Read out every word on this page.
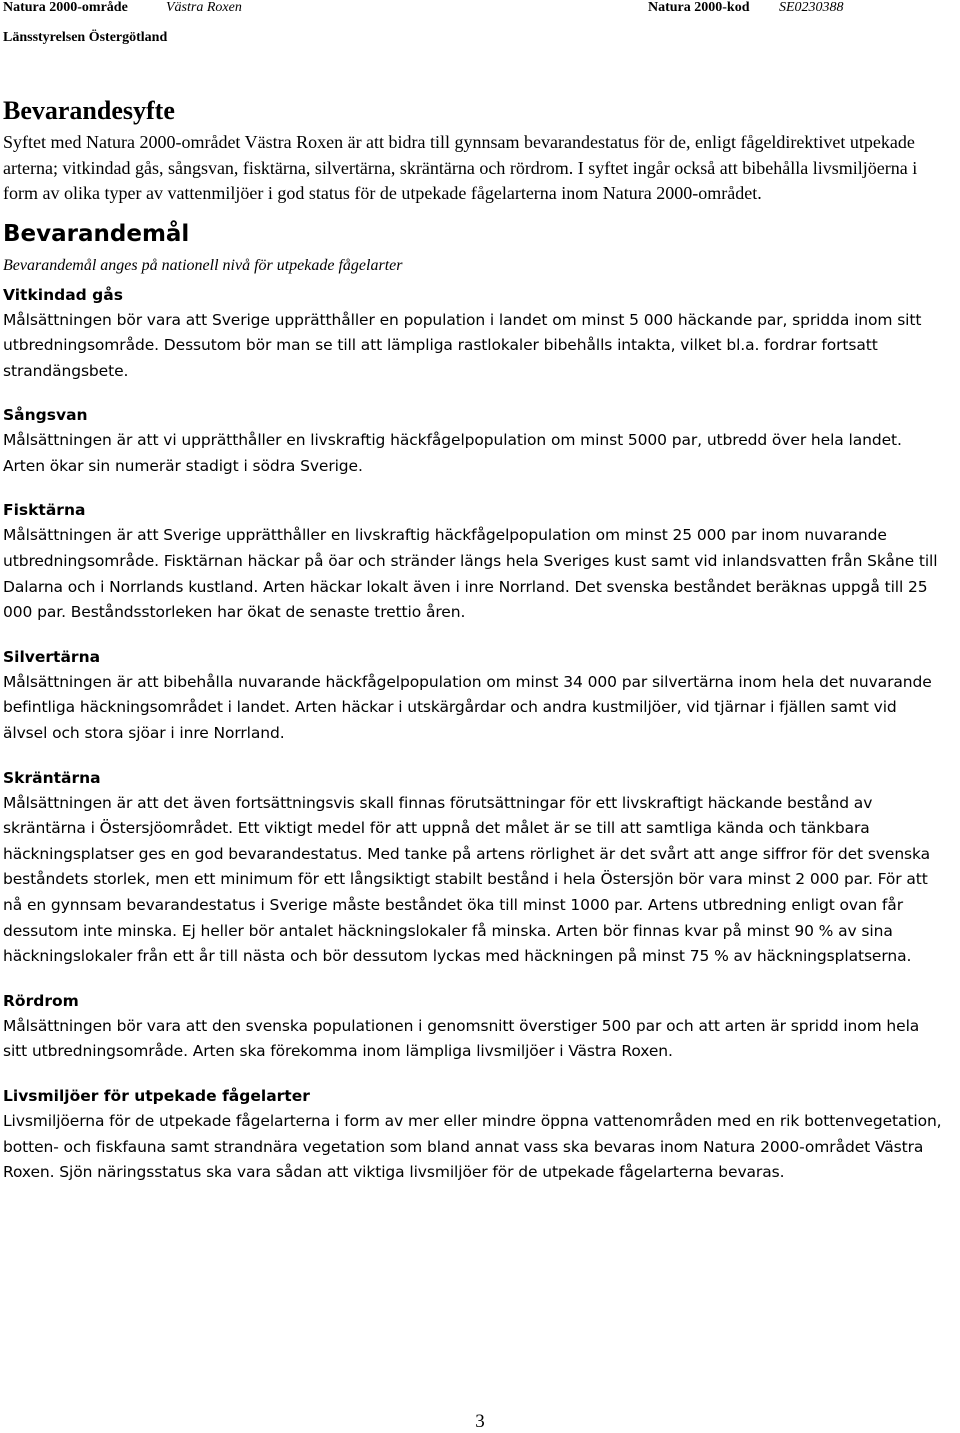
Natura 2000-område	Västra Roxen	Natura 2000-kod SE0230388
Länsstyrelsen Östergötland
Bevarandesyfte

Syftet med Natura 2000-området Västra Roxen är att bidra till gynnsam bevarandestatus för de, enligt fågeldirektivet utpekade arterna; vitkindad gås, sångsvan, fisktärna, silvertärna, skräntärna och rördrom. I syftet ingår också att bibehålla livsmiljöerna i form av olika typer av vattenmiljöer i god status för de utpekade fågelarterna inom Natura 2000-området.

Bevarandemål

Bevarandemål anges på nationell nivå för utpekade fågelarter

Vitkindad gås

Målsättningen bör vara att Sverige upprätthåller en population i landet om minst 5 000 häckande par, spridda inom sitt utbredningsområde. Dessutom bör man se till att lämpliga rastlokaler bibehålls intakta, vilket bl.a. fordrar fortsatt strandängsbete.

Sångsvan

Målsättningen är att vi upprätthåller en livskraftig häckfågelpopulation om minst 5000 par, utbredd över hela landet. Arten ökar sin numerär stadigt i södra Sverige.

Fisktärna

Målsättningen är att Sverige upprätthåller en livskraftig häckfågelpopulation om minst 25 000 par inom nuvarande utbredningsområde. Fisktärnan häckar på öar och stränder längs hela Sveriges kust samt vid inlandsvatten från Skåne till Dalarna och i Norrlands kustland. Arten häckar lokalt även i inre Norrland. Det svenska beståndet beräknas uppgå till 25 000 par. Beståndsstorleken har ökat de senaste trettio åren.

Silvertärna

Målsättningen är att bibehålla nuvarande häckfågelpopulation om minst 34 000 par silvertärna inom hela det nuvarande befintliga häckningsområdet i landet. Arten häckar i utskärgårdar och andra kustmiljöer, vid tjärnar i fjällen samt vid älvsel och stora sjöar i inre Norrland.

Skräntärna

Målsättningen är att det även fortsättningsvis skall finnas förutsättningar för ett livskraftigt häckande bestånd av skräntärna i Östersjöområdet. Ett viktigt medel för att uppnå det målet är se till att samtliga kända och tänkbara häckningsplatser ges en god bevarandestatus. Med tanke på artens rörlighet är det svårt att ange siffror för det svenska beståndets storlek, men ett minimum för ett långsiktigt stabilt bestånd i hela Östersjön bör vara minst 2 000 par. För att nå en gynnsam bevarandestatus i Sverige måste beståndet öka till minst 1000 par. Artens utbredning enligt ovan får dessutom inte minska. Ej heller bör antalet häckningslokaler få minska. Arten bör finnas kvar på minst 90 % av sina häckningslokaler från ett år till nästa och bör dessutom lyckas med häckningen på minst 75 % av häckningsplatserna.

Rördrom

Målsättningen bör vara att den svenska populationen i genomsnitt överstiger 500 par och att arten är spridd inom hela sitt utbredningsområde. Arten ska förekomma inom lämpliga livsmiljöer i Västra Roxen.

Livsmiljöer för utpekade fågelarter

Livsmiljöerna för de utpekade fågelarterna i form av mer eller mindre öppna vattenområden med en rik bottenvegetation, botten- och fiskfauna samt strandnära vegetation som bland annat vass ska bevaras inom Natura 2000-området Västra Roxen. Sjön näringsstatus ska vara sådan att viktiga livsmiljöer för de utpekade fågelarterna bevaras.

3
